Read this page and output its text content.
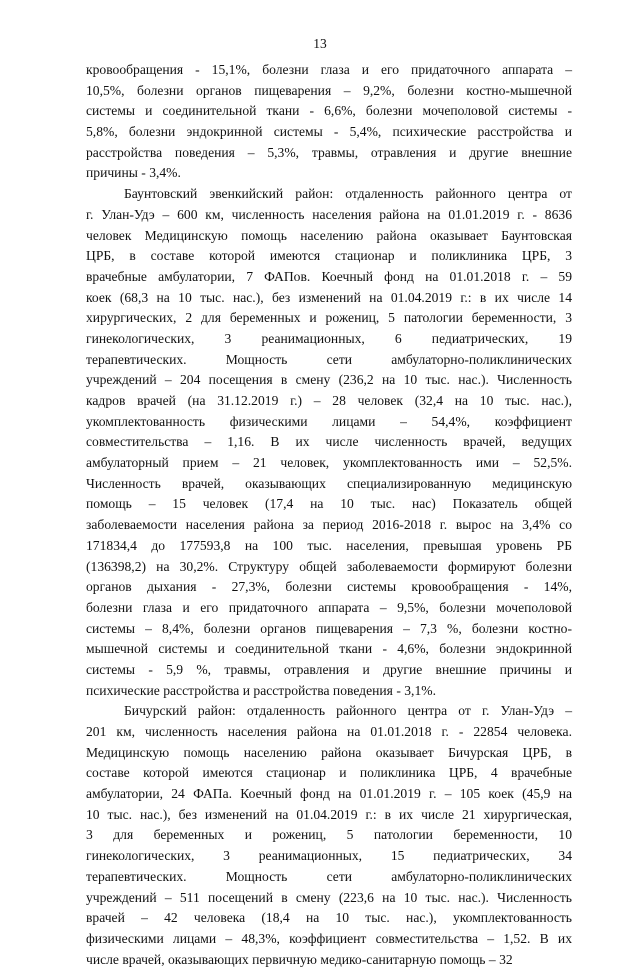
13
кровообращения - 15,1%, болезни глаза и его придаточного аппарата –
10,5%, болезни органов пищеварения – 9,2%, болезни костно-мышечной
системы и соединительной ткани - 6,6%, болезни мочеполовой системы -
5,8%, болезни эндокринной системы - 5,4%, психические расстройства и
расстройства поведения – 5,3%, травмы, отравления и другие внешние
причины - 3,4%.
Баунтовский эвенкийский район: отдаленность районного центра от
г. Улан-Удэ – 600 км, численность населения района на 01.01.2019 г. - 8636
человек Медицинскую помощь населению района оказывает Баунтовская
ЦРБ, в составе которой имеются стационар и поликлиника ЦРБ, 3
врачебные амбулатории, 7 ФАПов. Коечный фонд на 01.01.2018 г. – 59
коек (68,3 на 10 тыс. нас.), без изменений на 01.04.2019 г.: в их числе 14
хирургических, 2 для беременных и рожениц, 5 патологии беременности, 3
гинекологических, 3 реанимационных, 6 педиатрических, 19
терапевтических. Мощность сети амбулаторно-поликлинических
учреждений – 204 посещения в смену (236,2 на 10 тыс. нас.). Численность
кадров врачей (на 31.12.2019 г.) – 28 человек (32,4 на 10 тыс. нас.),
укомплектованность физическими лицами – 54,4%, коэффициент
совместительства – 1,16. В их числе численность врачей, ведущих
амбулаторный прием – 21 человек, укомплектованность ими – 52,5%.
Численность врачей, оказывающих специализированную медицинскую
помощь – 15 человек (17,4 на 10 тыс. нас) Показатель общей
заболеваемости населения района за период 2016-2018 г. вырос на 3,4% со
171834,4 до 177593,8 на 100 тыс. населения, превышая уровень РБ
(136398,2) на 30,2%. Структуру общей заболеваемости формируют болезни
органов дыхания - 27,3%, болезни системы кровообращения - 14%,
болезни глаза и его придаточного аппарата – 9,5%, болезни мочеполовой
системы – 8,4%, болезни органов пищеварения – 7,3 %, болезни костно-
мышечной системы и соединительной ткани - 4,6%, болезни эндокринной
системы - 5,9 %, травмы, отравления и другие внешние причины и
психические расстройства и расстройства поведения - 3,1%.
Бичурский район: отдаленность районного центра от г. Улан-Удэ –
201 км, численность населения района на 01.01.2018 г. - 22854 человека.
Медицинскую помощь населению района оказывает Бичурская ЦРБ, в
составе которой имеются стационар и поликлиника ЦРБ, 4 врачебные
амбулатории, 24 ФАПа. Коечный фонд на 01.01.2019 г. – 105 коек (45,9 на
10 тыс. нас.), без изменений на 01.04.2019 г.: в их числе 21 хирургическая,
3 для беременных и рожениц, 5 патологии беременности, 10
гинекологических, 3 реанимационных, 15 педиатрических, 34
терапевтических. Мощность сети амбулаторно-поликлинических
учреждений – 511 посещений в смену (223,6 на 10 тыс. нас.). Численность
врачей – 42 человека (18,4 на 10 тыс. нас.), укомплектованность
физическими лицами – 48,3%, коэффициент совместительства – 1,52. В их
числе врачей, оказывающих первичную медико-санитарную помощь – 32
